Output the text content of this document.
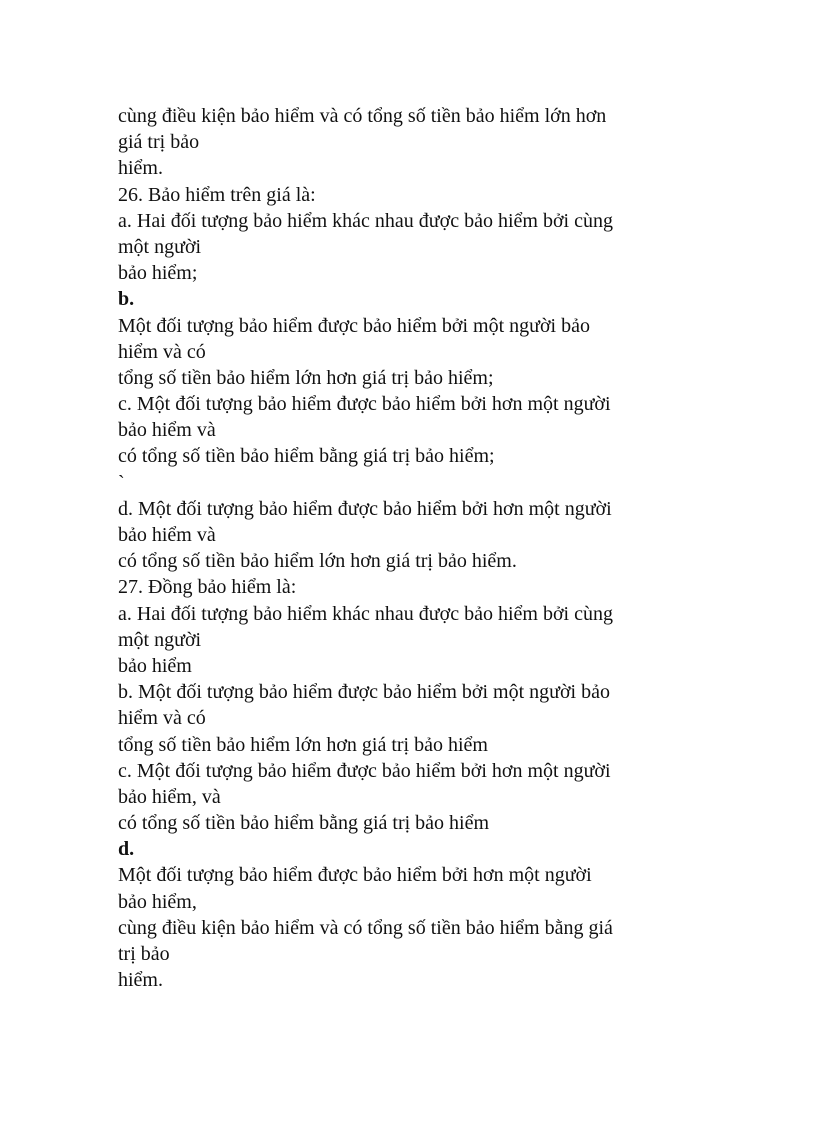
cùng điều kiện bảo hiểm và có tổng số tiền bảo hiểm lớn hơn
giá trị bảo
hiểm.
26. Bảo hiểm trên giá là:
a. Hai đối tượng bảo hiểm khác nhau được bảo hiểm bởi cùng
một người
bảo hiểm;
b.
Một đối tượng bảo hiểm được bảo hiểm bởi một người bảo
hiểm và có
tổng số tiền bảo hiểm lớn hơn giá trị bảo hiểm;
c. Một đối tượng bảo hiểm được bảo hiểm bởi hơn một người
bảo hiểm và
có tổng số tiền bảo hiểm bằng giá trị bảo hiểm;
`
d. Một đối tượng bảo hiểm được bảo hiểm bởi hơn một người
bảo hiểm và
có tổng số tiền bảo hiểm lớn hơn giá trị bảo hiểm.
27. Đồng bảo hiểm là:
a. Hai đối tượng bảo hiểm khác nhau được bảo hiểm bởi cùng
một người
bảo hiểm
b. Một đối tượng bảo hiểm được bảo hiểm bởi một người bảo
hiểm và có
tổng số tiền bảo hiểm lớn hơn giá trị bảo hiểm
c. Một đối tượng bảo hiểm được bảo hiểm bởi hơn một người
bảo hiểm, và
có tổng số tiền bảo hiểm bằng giá trị bảo hiểm
d.
Một đối tượng bảo hiểm được bảo hiểm bởi hơn một người
bảo hiểm,
cùng điều kiện bảo hiểm và có tổng số tiền bảo hiểm bằng giá
trị bảo
hiểm.
